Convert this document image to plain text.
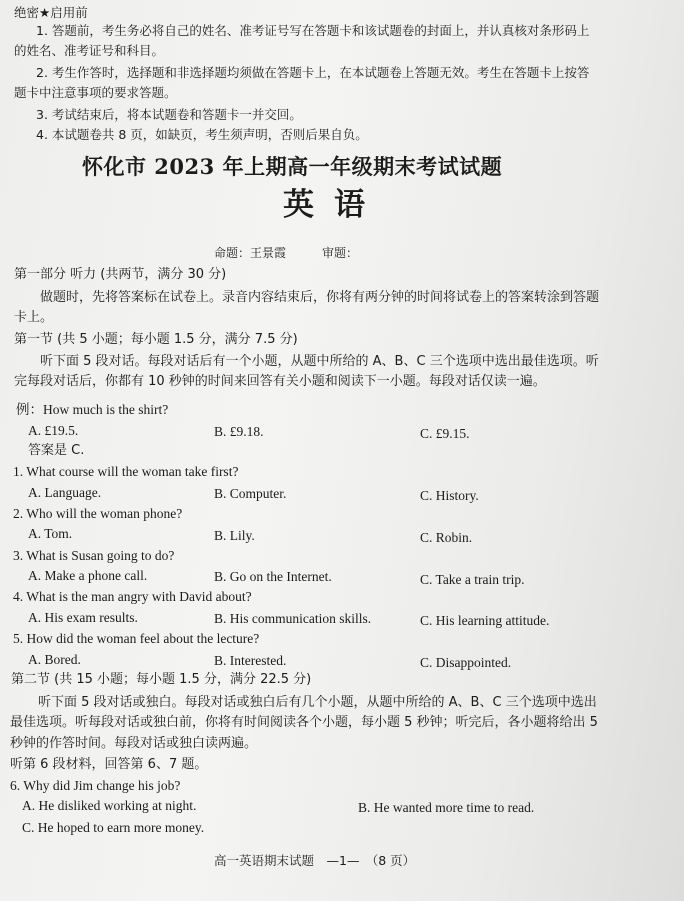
绝密★启用前
1. 答题前，考生务必将自己的姓名、准考证号写在答题卡和该试题卷的封面上，并认真核对条形码上
的姓名、准考证号和科目。
2. 考生作答时，选择题和非选择题均须做在答题卡上，在本试题卷上答题无效。考生在答题卡上按答
题卡中注意事项的要求答题。
3. 考试结束后，将本试题卷和答题卡一并交回。
4. 本试题卷共 8 页，如缺页，考生须声明，否则后果自负。
怀化市 2023 年上期高一年级期末考试试题
英语
命题：王景霞　　　审题：
第一部分 听力 (共两节，满分 30 分)
做题时，先将答案标在试卷上。录音内容结束后，你将有两分钟的时间将试卷上的答案转涂到答题
卡上。
第一节 (共 5 小题；每小题 1.5 分，满分 7.5 分)
听下面 5 段对话。每段对话后有一个小题，从题中所给的 A、B、C 三个选项中选出最佳选项。听
完每段对话后，你都有 10 秒钟的时间来回答有关小题和阅读下一小题。每段对话仅读一遍。
例：How much is the shirt?
A. £19.5.	B. £9.18.	C. £9.15.
答案是 C.
1. What course will the woman take first?
A. Language.	B. Computer.	C. History.
2. Who will the woman phone?
A. Tom.	B. Lily.	C. Robin.
3. What is Susan going to do?
A. Make a phone call.	B. Go on the Internet.	C. Take a train trip.
4. What is the man angry with David about?
A. His exam results.	B. His communication skills.	C. His learning attitude.
5. How did the woman feel about the lecture?
A. Bored.	B. Interested.	C. Disappointed.
第二节 (共 15 小题；每小题 1.5 分，满分 22.5 分)
听下面 5 段对话或独白。每段对话或独白后有几个小题，从题中所给的 A、B、C 三个选项中选出
最佳选项。听每段对话或独白前，你将有时间阅读各个小题，每小题 5 秒钟；听完后，各小题将给出 5
秒钟的作答时间。每段对话或独白读两遍。
听第 6 段材料，回答第 6、7 题。
6. Why did Jim change his job?
A. He disliked working at night.	B. He wanted more time to read.
C. He hoped to earn more money.
高一英语期末试题　—1—　（8 页）
